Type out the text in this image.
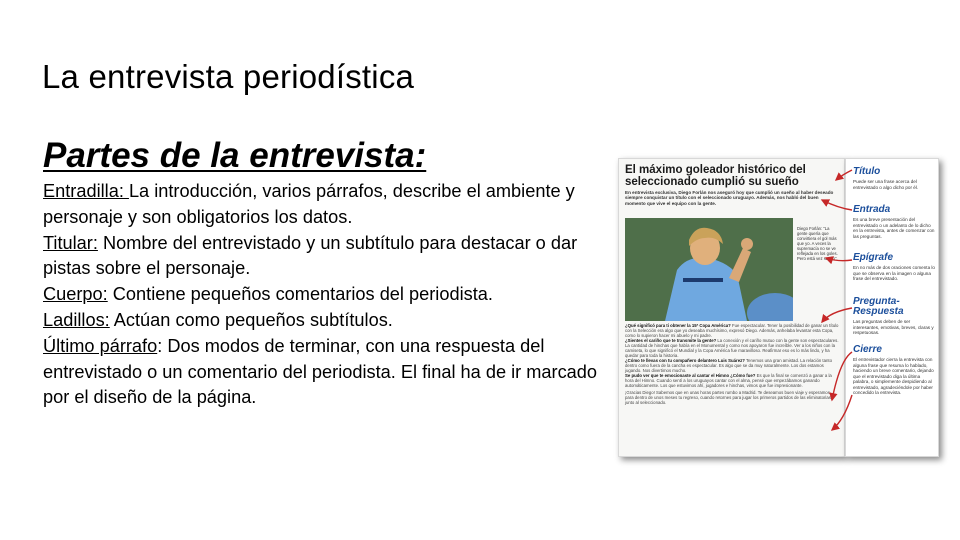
La entrevista periodística
Partes de la entrevista:

Entradilla: La introducción, varios párrafos, describe el ambiente y personaje y son obligatorios los datos.

Titular: Nombre del entrevistado y un subtítulo para destacar o dar pistas sobre el personaje.

Cuerpo: Contiene pequeños comentarios del periodista.

Ladillos: Actúan como pequeños subtítulos.

Último párrafo: Dos modos de terminar, con una respuesta del entrevistado o un comentario del periodista. El final ha de ir marcado por el diseño de la página.

El máximo goleador histórico del seleccionado cumplió su sueño
En entrevista exclusiva, Diego Forlán nos aseguró hoy que cumplió un sueño al haber deseado siempre conquistar un título con el seleccionado uruguayo. Además, nos habló del buen momento que vive el equipo con la gente.
Diego Forlán: "La gente quería que convirtiera el gol más que yo. A veces la supremacía no se ve reflejada en los goles. Pero está vez se dio".
¿Qué significó para ti obtener la 15ª Copa América? Fue espectacular. Tener la posibilidad de ganar un título con la Selección era algo que yo deseaba muchísimo, expresó Diego. Además, anhelaba levantar esta Copa, como lo supieron hacer mi abuelo y mi padre.
¿Sientes el cariño que te transmite la gente? La conexión y el cariño mutuo con la gente son espectaculares. La cantidad de hinchas que había en el Monumental y como nos apoyaron fue increíble. Ver a los niños con la camiseta, lo que significó el Mundial y la Copa América fue maravilloso. Reafirmar eso es lo más lindo, y ha quedar para toda la historia.
¿Cómo te llevas con tu compañero delantero Luis Suárez? Tenemos una gran amistad. La relación tanto dentro como fuera de la cancha es espectacular. Es algo que se da muy naturalmente. Los dos estamos jugando. Nos divertimos mucho.
Se pudo ver que te emocionaste al cantar el Himno ¿Cómo fue? Es que la final se comenzó a ganar a la hora del Himno. Cuando sentí a los uruguayos cantar con el alma, pensé que empezábamos ganando automáticamente. Los que estuvimos ahí, jugadores e hinchas, vimos que fue impresionante.
¡Gracias Diego! Sabemos que en unas horas partes rumbo a Madrid. Te deseamos buen viaje y esperamos para dentro de unos meses tu regreso, cuando retornes para jugar los primeros partidos de las eliminatorias, junto al seleccionado.
Título
Puede ser una frase acerca del entrevistado o algo dicho por él.
Entrada
Es una breve presentación del entrevistado o un adelanto de lo dicho en la entrevista, antes de comenzar con las preguntas.
Epígrafe
En no más de dos oraciones comenta lo que se observa en la imagen o alguna frase del entrevistado.
Pregunta-Respuesta
Las preguntas deben de ser interesantes, emotivas, breves, claras y respetuosas.
Cierre
El entrevistador cierra la entrevista con alguna frase que resuma lo hablado, haciendo un breve comentario, dejando que el entrevistado diga la última palabra, o simplemente despidiendo al entrevistado, agradeciéndole por haber concedido la entrevista.
